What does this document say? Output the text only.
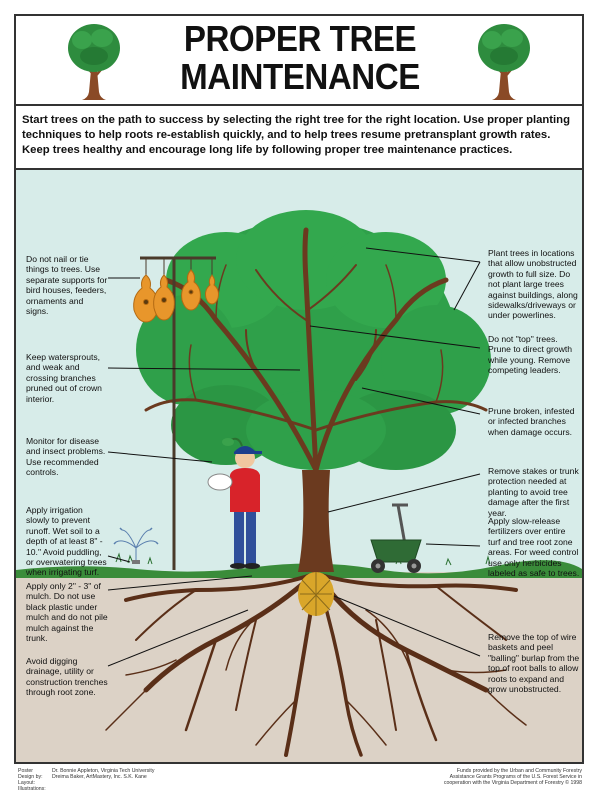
PROPER TREE
MAINTENANCE
Start trees on the path to success by selecting the right tree for the right location. Use proper planting techniques to help roots re-establish quickly, and to help trees resume pretransplant growth rates. Keep trees healthy and encourage long life by following proper tree maintenance practices.
Do not nail or tie things to trees. Use separate supports for bird houses, feeders, ornaments and signs.
Keep watersprouts, and weak and crossing branches pruned out of crown interior.
Monitor for disease and insect problems. Use recommended controls.
Apply irrigation slowly to prevent runoff. Wet soil to a depth of at least 8" - 10." Avoid puddling, or overwatering trees when irrigating turf.
Apply only 2" - 3" of mulch. Do not use black plastic under mulch and do not pile mulch against the trunk.
Avoid digging drainage, utility or construction trenches through root zone.
Plant trees in locations that allow unobstructed growth to full size. Do not plant large trees against buildings, along sidewalks/driveways or under powerlines.
Do not "top" trees. Prune to direct growth while young. Remove competing leaders.
Prune broken, infested or infected branches when damage occurs.
Remove stakes or trunk protection needed at planting to avoid tree damage after the first year.
Apply slow-release fertilizers over entire turf and tree root zone areas. For weed control use only herbicides labeled as safe to trees.
Remove the top of wire baskets and peel "balling" burlap from the top of root balls to allow roots to expand and grow unobstructed.
Poster Design by: Layout: Illustrations:
Dr. Bonnie Appleton, Virginia Tech University Dreima Baker, ArtMastery, Inc. S.K. Kane
Funds provided by the Urban and Community Forestry Assistance Grants Programs of the U.S. Forest Service in cooperation with the Virginia Department of Forestry © 1998
